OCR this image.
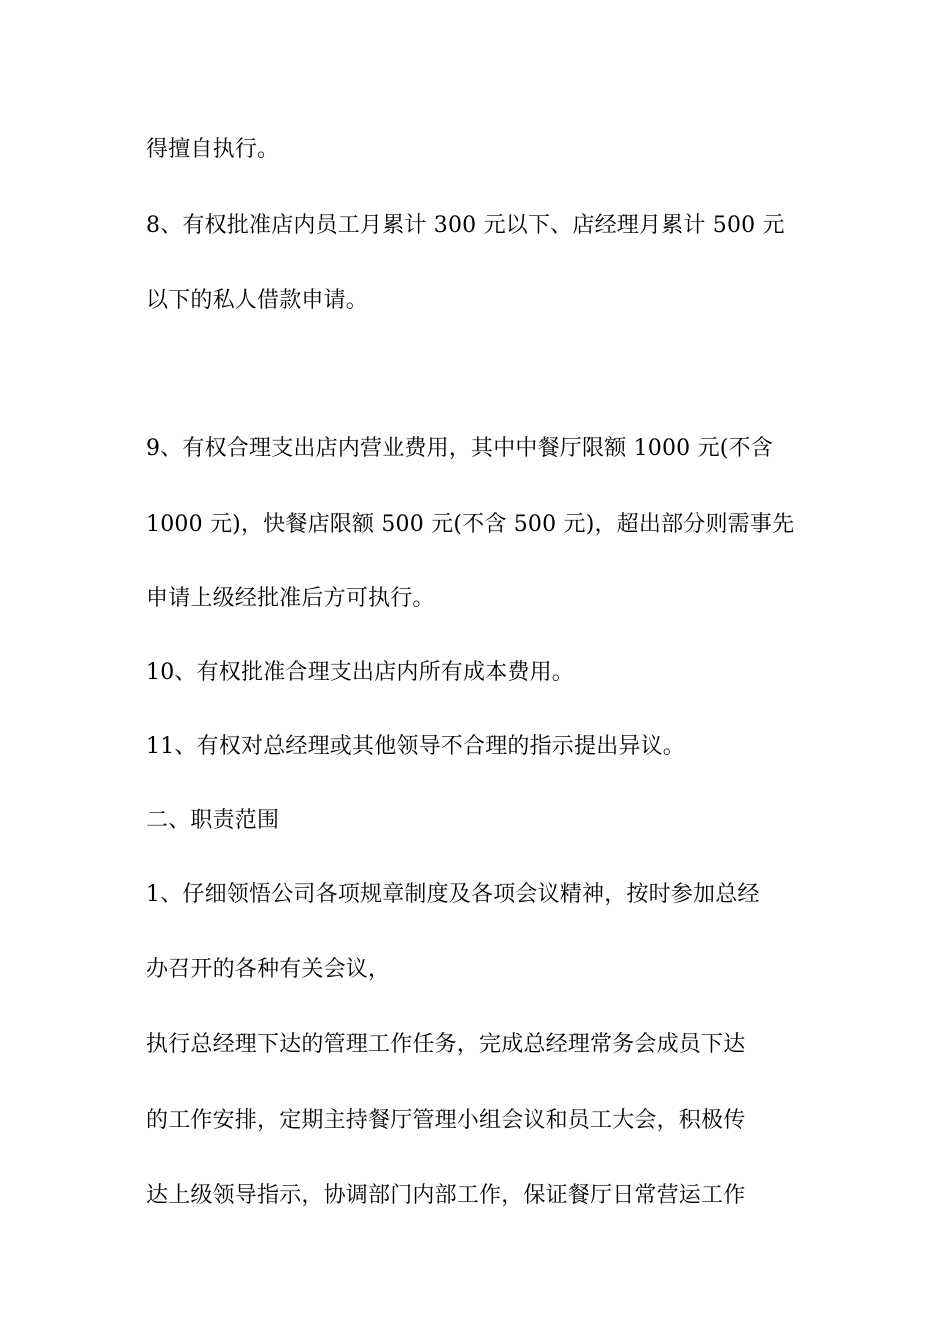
得擅自执行。
8、有权批准店内员工月累计 300 元以下、店经理月累计 500 元
以下的私人借款申请。
9、有权合理支出店内营业费用，其中中餐厅限额 1000 元(不含
1000 元)，快餐店限额 500 元(不含 500 元)，超出部分则需事先
申请上级经批准后方可执行。
10、有权批准合理支出店内所有成本费用。
11、有权对总经理或其他领导不合理的指示提出异议。
二、职责范围
1、仔细领悟公司各项规章制度及各项会议精神，按时参加总经
办召开的各种有关会议，
执行总经理下达的管理工作任务，完成总经理常务会成员下达
的工作安排，定期主持餐厅管理小组会议和员工大会，积极传
达上级领导指示，协调部门内部工作，保证餐厅日常营运工作
